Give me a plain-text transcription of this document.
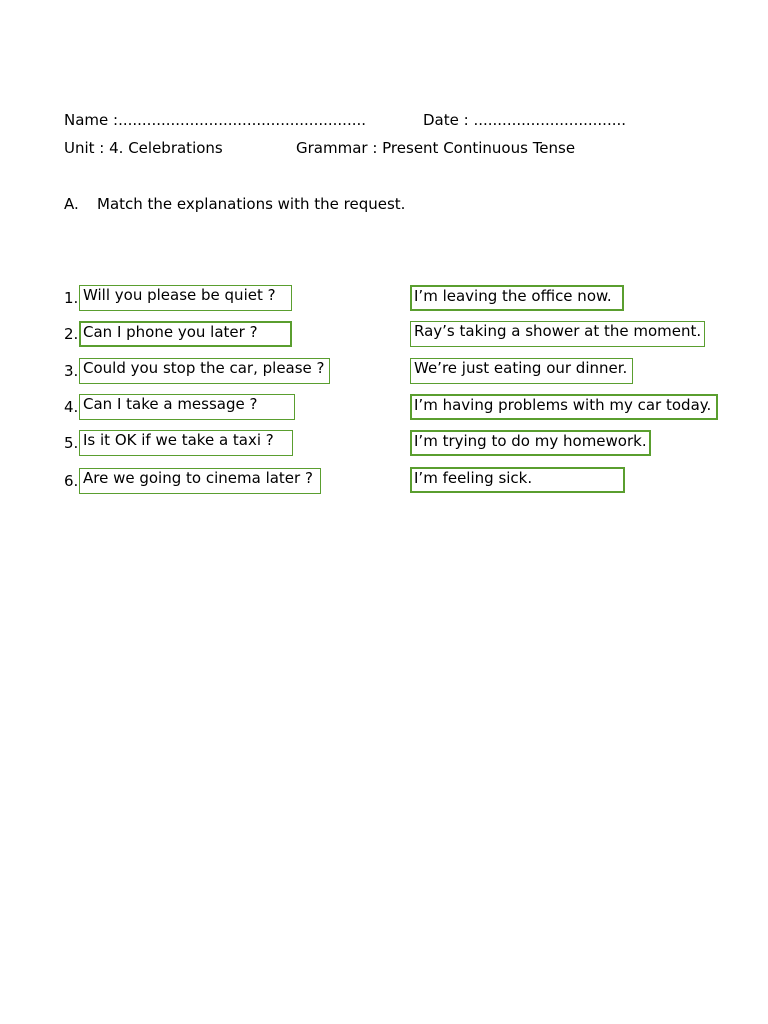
Name :....................................................	Date : ................................
Unit : 4. Celebrations	Grammar : Present Continuous Tense
A. Match the explanations with the request.
1. Will you please be quiet ?
2. Can I phone you later ?
3. Could you stop the car, please ?
4. Can I take a message ?
5. Is it OK if we take a taxi ?
6. Are we going to cinema later ?
I’m leaving the office now.
Ray’s taking a shower at the moment.
We’re just eating our dinner.
I’m having problems with my car today.
I’m trying to do my homework.
I’m feeling sick.
